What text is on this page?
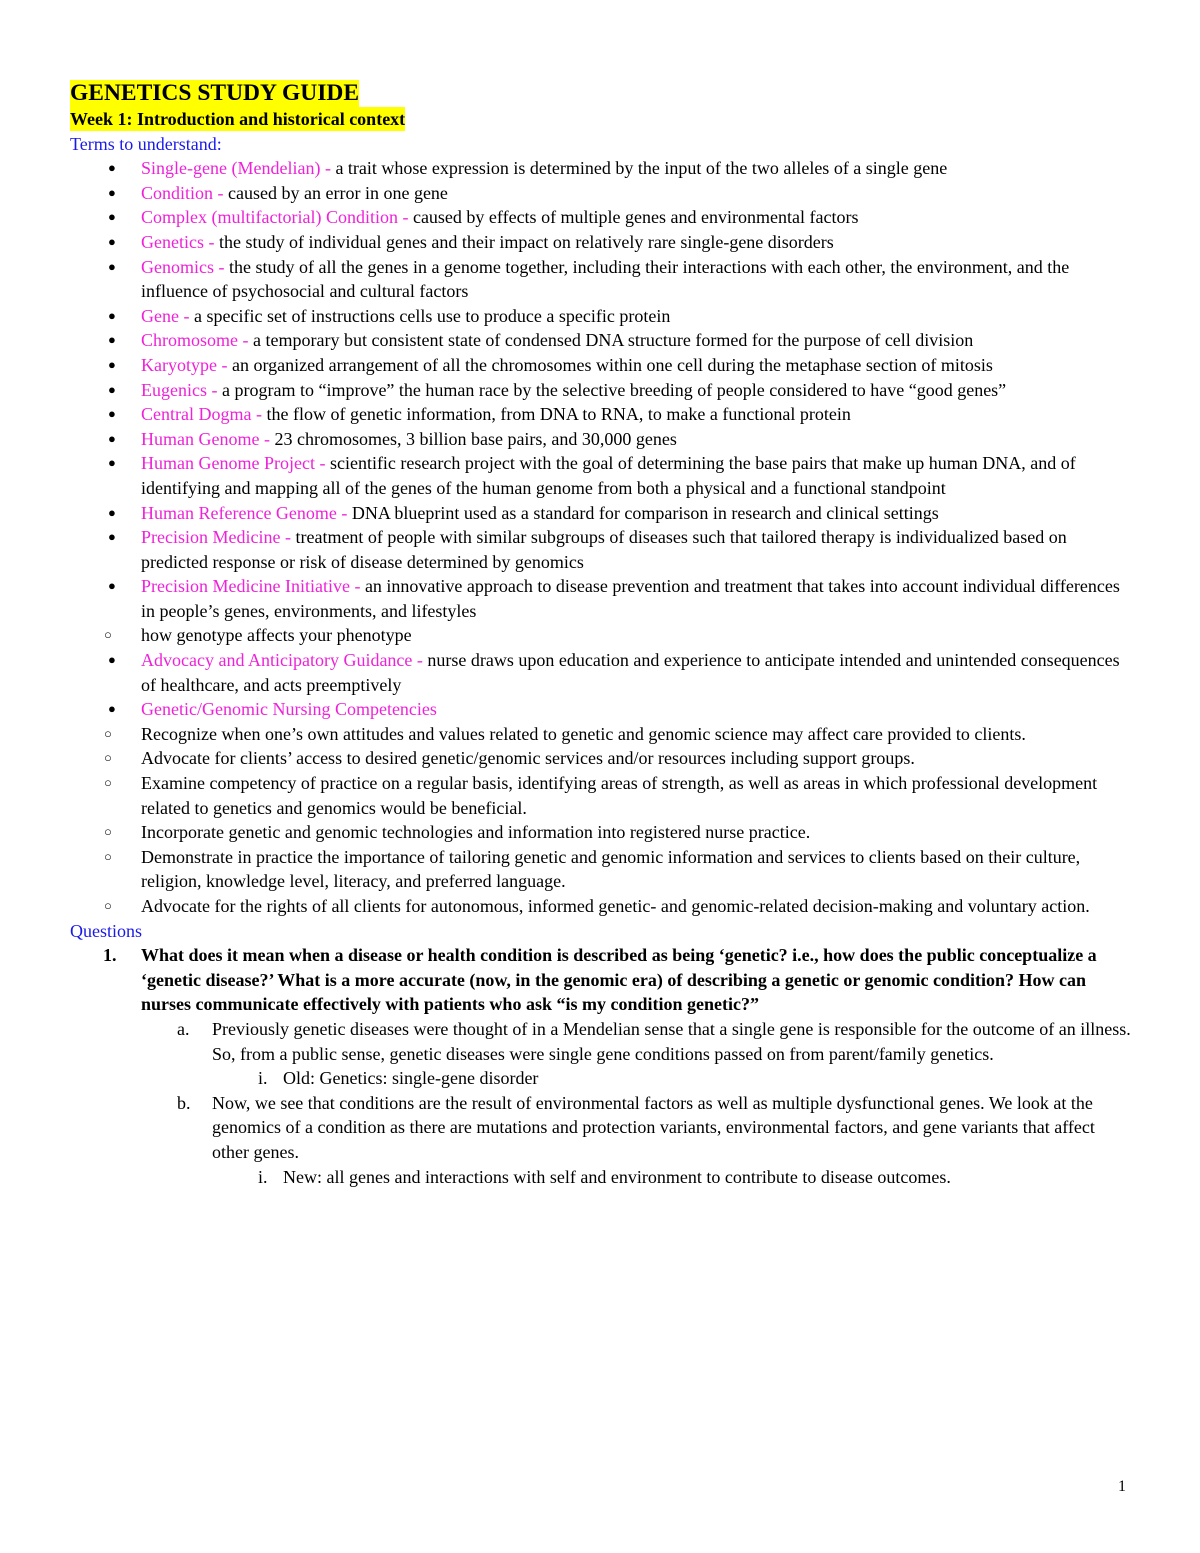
GENETICS STUDY GUIDE
Week 1: Introduction and historical context
Terms to understand:
● Single-gene (Mendelian) - a trait whose expression is determined by the input of the two alleles of a single gene
● Condition - caused by an error in one gene
● Complex (multifactorial) Condition - caused by effects of multiple genes and environmental factors
● Genetics - the study of individual genes and their impact on relatively rare single-gene disorders
● Genomics - the study of all the genes in a genome together, including their interactions with each other, the environment, and the influence of psychosocial and cultural factors
● Gene - a specific set of instructions cells use to produce a specific protein
● Chromosome - a temporary but consistent state of condensed DNA structure formed for the purpose of cell division
● Karyotype - an organized arrangement of all the chromosomes within one cell during the metaphase section of mitosis
● Eugenics - a program to “improve” the human race by the selective breeding of people considered to have “good genes”
● Central Dogma - the flow of genetic information, from DNA to RNA, to make a functional protein
● Human Genome - 23 chromosomes, 3 billion base pairs, and 30,000 genes
● Human Genome Project - scientific research project with the goal of determining the base pairs that make up human DNA, and of identifying and mapping all of the genes of the human genome from both a physical and a functional standpoint
● Human Reference Genome - DNA blueprint used as a standard for comparison in research and clinical settings
● Precision Medicine - treatment of people with similar subgroups of diseases such that tailored therapy is individualized based on predicted response or risk of disease determined by genomics
● Precision Medicine Initiative - an innovative approach to disease prevention and treatment that takes into account individual differences in people’s genes, environments, and lifestyles
○ how genotype affects your phenotype
● Advocacy and Anticipatory Guidance - nurse draws upon education and experience to anticipate intended and unintended consequences of healthcare, and acts preemptively
● Genetic/Genomic Nursing Competencies
○ Recognize when one’s own attitudes and values related to genetic and genomic science may affect care provided to clients.
○ Advocate for clients’ access to desired genetic/genomic services and/or resources including support groups.
○ Examine competency of practice on a regular basis, identifying areas of strength, as well as areas in which professional development related to genetics and genomics would be beneficial.
○ Incorporate genetic and genomic technologies and information into registered nurse practice.
○ Demonstrate in practice the importance of tailoring genetic and genomic information and services to clients based on their culture, religion, knowledge level, literacy, and preferred language.
○ Advocate for the rights of all clients for autonomous, informed genetic- and genomic-related decision-making and voluntary action.
Questions
1. What does it mean when a disease or health condition is described as being ‘genetic? i.e., how does the public conceptualize a ‘genetic disease?’ What is a more accurate (now, in the genomic era) of describing a genetic or genomic condition? How can nurses communicate effectively with patients who ask “is my condition genetic?”
a. Previously genetic diseases were thought of in a Mendelian sense that a single gene is responsible for the outcome of an illness. So, from a public sense, genetic diseases were single gene conditions passed on from parent/family genetics.
i. Old: Genetics: single-gene disorder
b. Now, we see that conditions are the result of environmental factors as well as multiple dysfunctional genes. We look at the genomics of a condition as there are mutations and protection variants, environmental factors, and gene variants that affect other genes.
i. New: all genes and interactions with self and environment to contribute to disease outcomes.
1
